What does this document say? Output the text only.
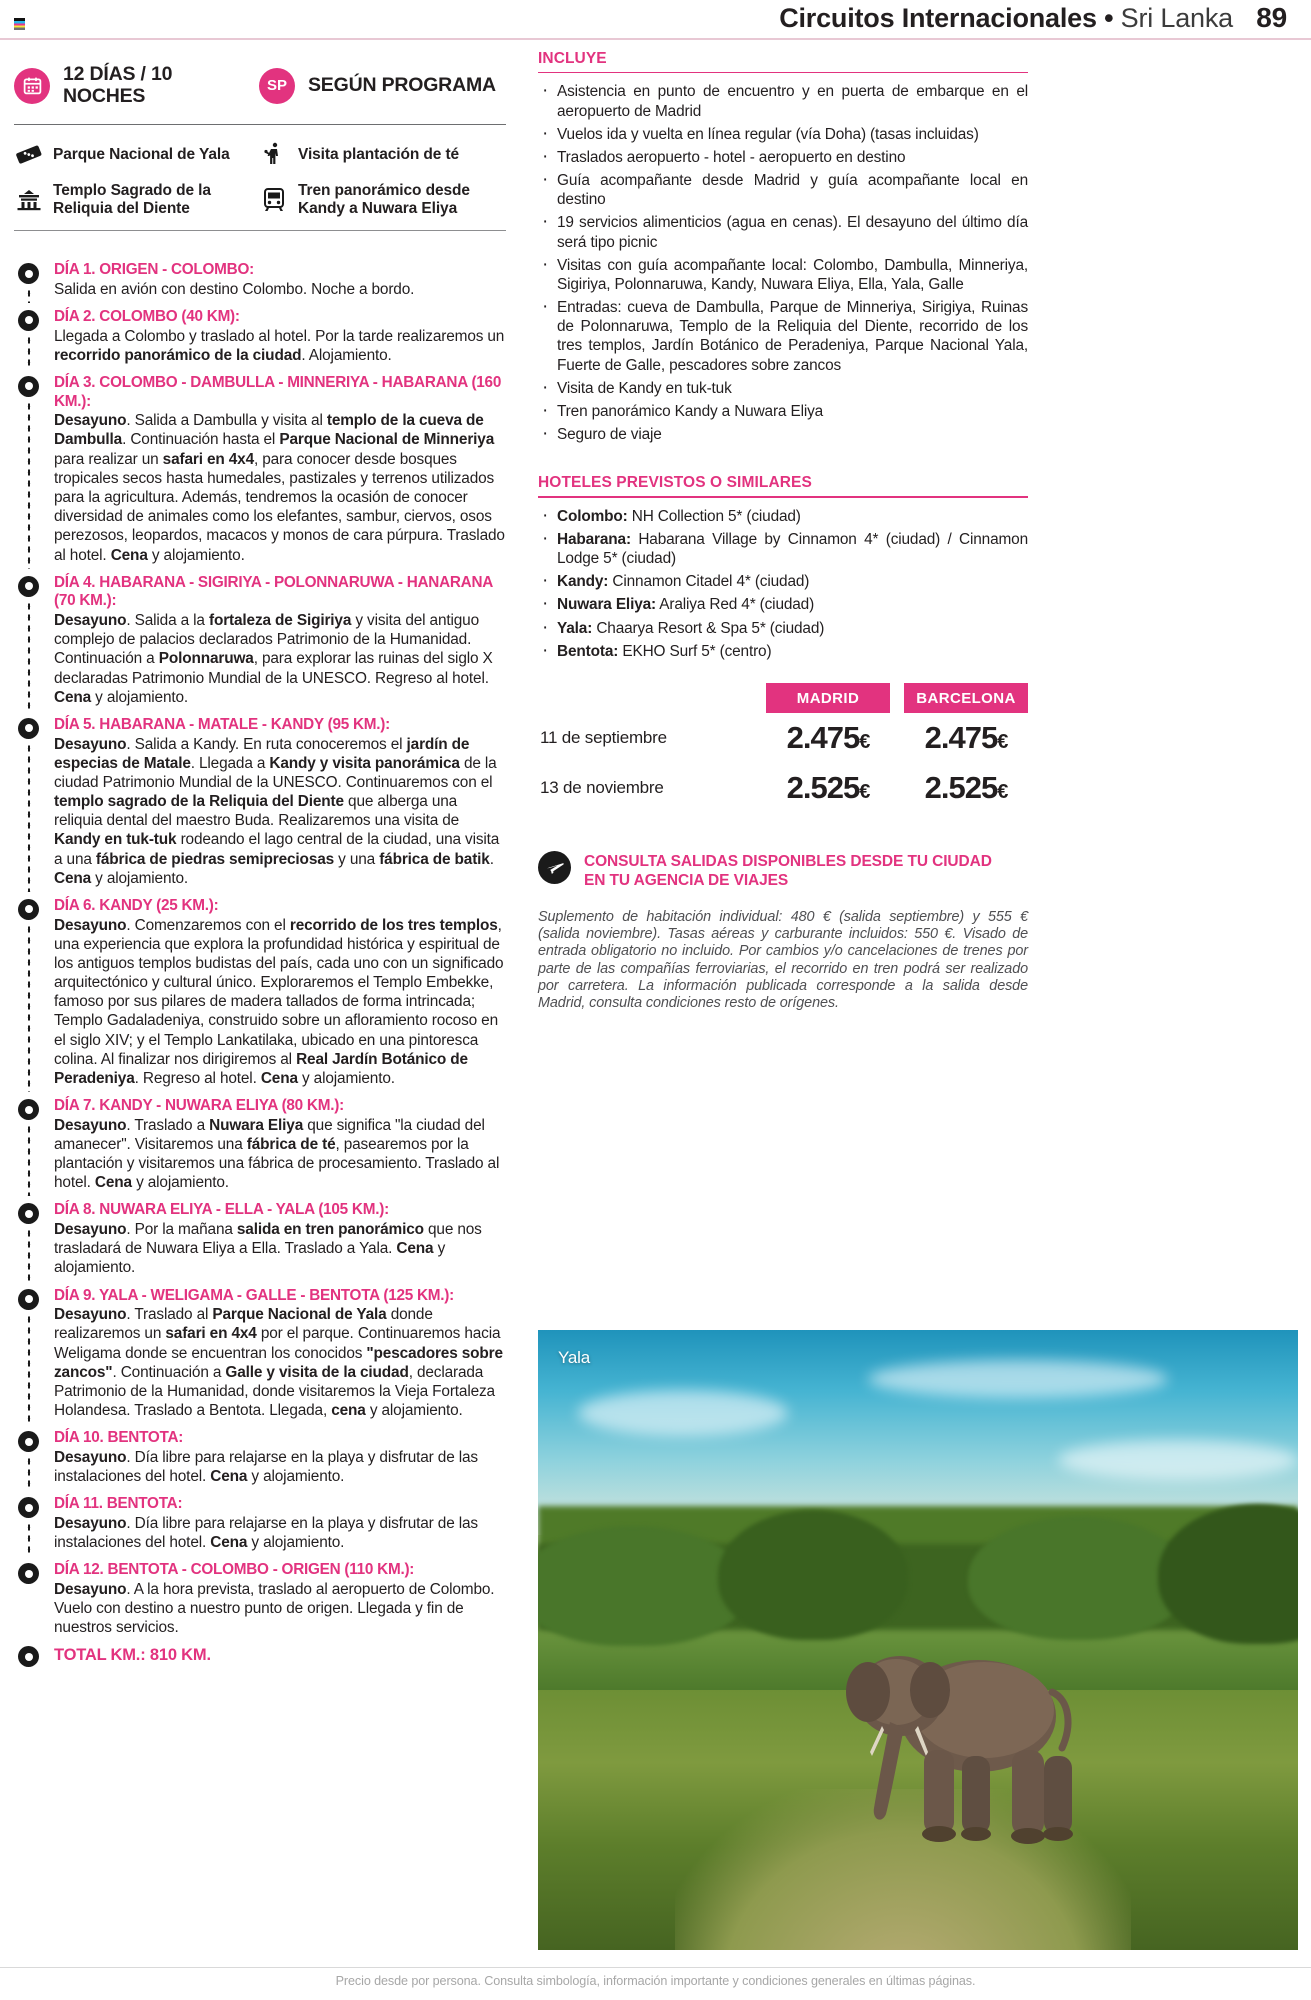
Circuitos Internacionales • Sri Lanka 89
12 DÍAS / 10 NOCHES	SP	SEGÚN PROGRAMA
Parque Nacional de Yala	Visita plantación de té
Templo Sagrado de la Reliquia del Diente
Tren panorámico desde Kandy a Nuwara Eliya
DÍA 1. ORIGEN - COLOMBO:
Salida en avión con destino Colombo. Noche a bordo.
DÍA 2. COLOMBO (40 KM):
Llegada a Colombo y traslado al hotel. Por la tarde realizaremos un recorrido panorámico de la ciudad. Alojamiento.
DÍA 3. COLOMBO - DAMBULLA - MINNERIYA - HABARANA (160 KM.):
Desayuno. Salida a Dambulla y visita al templo de la cueva de Dambulla. Continuación hasta el Parque Nacional de Minneriya para realizar un safari en 4x4, para conocer desde bosques tropicales secos hasta humedales, pastizales y terrenos utilizados para la agricultura. Además, tendremos la ocasión de conocer diversidad de animales como los elefantes, sambur, ciervos, osos perezosos, leopardos, macacos y monos de cara púrpura. Traslado al hotel. Cena y alojamiento.
DÍA 4. HABARANA - SIGIRIYA - POLONNARUWA - HANARANA (70 KM.):
Desayuno. Salida a la fortaleza de Sigiriya y visita del antiguo complejo de palacios declarados Patrimonio de la Humanidad. Continuación a Polonnaruwa, para explorar las ruinas del siglo X declaradas Patrimonio Mundial de la UNESCO. Regreso al hotel. Cena y alojamiento.
DÍA 5. HABARANA - MATALE - KANDY (95 KM.):
Desayuno. Salida a Kandy. En ruta conoceremos el jardín de especias de Matale. Llegada a Kandy y visita panorámica de la ciudad Patrimonio Mundial de la UNESCO. Continuaremos con el templo sagrado de la Reliquia del Diente que alberga una reliquia dental del maestro Buda. Realizaremos una visita de Kandy en tuk-tuk rodeando el lago central de la ciudad, una visita a una fábrica de piedras semipreciosas y una fábrica de batik. Cena y alojamiento.
DÍA 6. KANDY (25 KM.):
Desayuno. Comenzaremos con el recorrido de los tres templos, una experiencia que explora la profundidad histórica y espiritual de los antiguos templos budistas del país, cada uno con un significado arquitectónico y cultural único. Exploraremos el Templo Embekke, famoso por sus pilares de madera tallados de forma intrincada; Templo Gadaladeniya, construido sobre un afloramiento rocoso en el siglo XIV; y el Templo Lankatilaka, ubicado en una pintoresca colina. Al finalizar nos dirigiremos al Real Jardín Botánico de Peradeniya. Regreso al hotel. Cena y alojamiento.
DÍA 7. KANDY - NUWARA ELIYA (80 KM.):
Desayuno. Traslado a Nuwara Eliya que significa "la ciudad del amanecer". Visitaremos una fábrica de té, pasearemos por la plantación y visitaremos una fábrica de procesamiento. Traslado al hotel. Cena y alojamiento.
DÍA 8. NUWARA ELIYA - ELLA - YALA (105 KM.):
Desayuno. Por la mañana salida en tren panorámico que nos trasladará de Nuwara Eliya a Ella. Traslado a Yala. Cena y alojamiento.
DÍA 9. YALA - WELIGAMA - GALLE - BENTOTA (125 KM.):
Desayuno. Traslado al Parque Nacional de Yala donde realizaremos un safari en 4x4 por el parque. Continuaremos hacia Weligama donde se encuentran los conocidos "pescadores sobre zancos". Continuación a Galle y visita de la ciudad, declarada Patrimonio de la Humanidad, donde visitaremos la Vieja Fortaleza Holandesa. Traslado a Bentota. Llegada, cena y alojamiento.
DÍA 10. BENTOTA:
Desayuno. Día libre para relajarse en la playa y disfrutar de las instalaciones del hotel. Cena y alojamiento.
DÍA 11. BENTOTA:
Desayuno. Día libre para relajarse en la playa y disfrutar de las instalaciones del hotel. Cena y alojamiento.
DÍA 12. BENTOTA - COLOMBO - ORIGEN (110 KM.):
Desayuno. A la hora prevista, traslado al aeropuerto de Colombo. Vuelo con destino a nuestro punto de origen. Llegada y fin de nuestros servicios.
TOTAL KM.: 810 KM.
INCLUYE
· Asistencia en punto de encuentro y en puerta de embarque en el aeropuerto de Madrid
· Vuelos ida y vuelta en línea regular (vía Doha) (tasas incluidas)
· Traslados aeropuerto - hotel - aeropuerto en destino
· Guía acompañante desde Madrid y guía acompañante local en destino
· 19 servicios alimenticios (agua en cenas). El desayuno del último día será tipo picnic
· Visitas con guía acompañante local: Colombo, Dambulla, Minneriya, Sigiriya, Polonnaruwa, Kandy, Nuwara Eliya, Ella, Yala, Galle
· Entradas: cueva de Dambulla, Parque de Minneriya, Sirigiya, Ruinas de Polonnaruwa, Templo de la Reliquia del Diente, recorrido de los tres templos, Jardín Botánico de Peradeniya, Parque Nacional Yala, Fuerte de Galle, pescadores sobre zancos
· Visita de Kandy en tuk-tuk
· Tren panorámico Kandy a Nuwara Eliya
· Seguro de viaje
HOTELES PREVISTOS O SIMILARES
· Colombo: NH Collection 5* (ciudad)
· Habarana: Habarana Village by Cinnamon 4* (ciudad) / Cinnamon Lodge 5* (ciudad)
· Kandy: Cinnamon Citadel 4* (ciudad)
· Nuwara Eliya: Araliya Red 4* (ciudad)
· Yala: Chaarya Resort & Spa 5* (ciudad)
· Bentota: EKHO Surf 5* (centro)
MADRID	BARCELONA
11 de septiembre	2.475€	2.475€
13 de noviembre	2.525€	2.525€
CONSULTA SALIDAS DISPONIBLES DESDE TU CIUDAD
EN TU AGENCIA DE VIAJES
Suplemento de habitación individual: 480 € (salida septiembre) y 555 € (salida noviembre). Tasas aéreas y carburante incluidos: 550 €. Visado de entrada obligatorio no incluido. Por cambios y/o cancelaciones de trenes por parte de las compañías ferroviarias, el recorrido en tren podrá ser realizado por carretera. La información publicada corresponde a la salida desde Madrid, consulta condiciones resto de orígenes.
Yala
Precio desde por persona. Consulta simbología, información importante y condiciones generales en últimas páginas.
